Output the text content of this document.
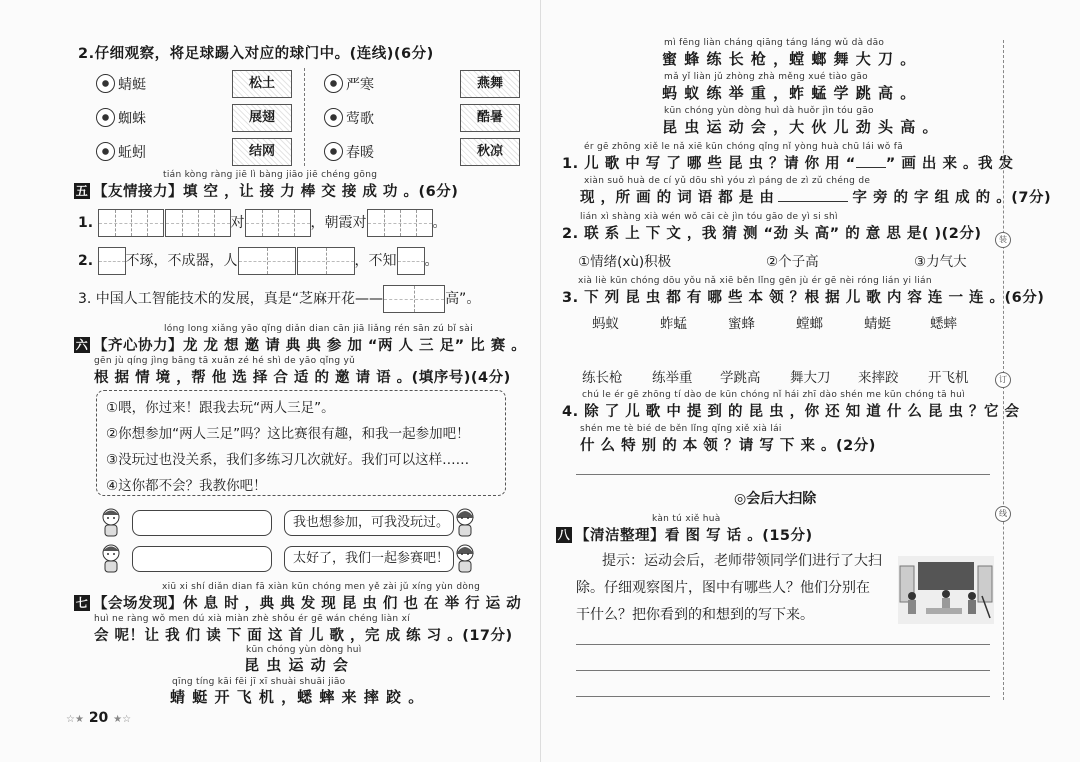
2.仔细观察，将足球踢入对应的球门中。(连线)(6分)
蜻蜓
蜘蛛
蚯蚓
松土
展翅
结网
严寒
莺歌
春暖
燕舞
酷暑
秋凉
tián kòng ràng jiē lì bàng jiāo jiē chéng gōng
五 【友情接力】填 空 ，让 接 力 棒 交 接 成 功 。(6分)
1.	对	，朝霞对	。
2. 不琢，不成器，人	，不知 。
3. 中国人工智能技术的发展，真是“芝麻开花——	高”。
lóng long xiǎng yāo qǐng diǎn dian cān jiā liǎng rén sān zú bǐ sài
六 【齐心协力】龙 龙 想 邀 请 典 典 参 加 “两 人 三 足” 比 赛 。
gēn jù qíng jìng bāng tā xuǎn zé hé shì de yāo qǐng yǔ
根 据 情 境 ，帮 他 选 择 合 适 的 邀 请 语 。(填序号)(4分)
①喂，你过来！跟我去玩“两人三足”。
②你想参加“两人三足”吗？这比赛很有趣，和我一起参加吧！
③没玩过也没关系，我们多练习几次就好。我们可以这样……
④这你都不会？我教你吧！
我也想参加，可我没玩过。
太好了，我们一起参赛吧！
xiū xi shí diǎn dian fā xiàn kūn chóng men yě zài jǔ xíng yùn dòng
七 【会场发现】休 息 时 ，典 典 发 现 昆 虫 们 也 在 举 行 运 动
huì ne ràng wǒ men dú xià miàn zhè shǒu ér gē wán chéng liàn xí
会 呢！让 我 们 读 下 面 这 首 儿 歌 ，完 成 练 习 。(17分)
kūn chóng yùn dòng huì
昆 虫 运 动 会
qīng tíng kāi fēi jī xī shuài shuāi jiāo
蜻 蜓 开 飞 机 ，蟋 蟀 来 摔 跤 。
☆★ 20 ★☆
mì fēng liàn cháng qiāng táng láng wǔ dà dāo
蜜 蜂 练 长 枪 ，螳 螂 舞 大 刀 。
mǎ yǐ liàn jǔ zhòng zhà měng xué tiào gāo
蚂 蚁 练 举 重 ，蚱 蜢 学 跳 高 。
kūn chóng yùn dòng huì dà huǒr jìn tóu gāo
昆 虫 运 动 会 ，大 伙 儿 劲 头 高 。
ér gē zhōng xiě le nǎ xiē kūn chóng qǐng nǐ yòng huà chū lái wǒ fā
1. 儿 歌 中 写 了 哪 些 昆 虫 ？请 你 用 “ ” 画 出 来 。我 发
xiàn suǒ huà de cí yǔ dōu shì yóu zì páng de zì zǔ chéng de
现 ，所 画 的 词 语 都 是 由	字 旁 的 字 组 成 的 。(7分)
lián xì shàng xià wén wǒ cāi cè jìn tóu gāo de yì si shì
2. 联 系 上 下 文 ，我 猜 测 “劲 头 高” 的 意 思 是( )(2分)
①情绪(xù)积极	②个子高	③力气大
xià liè kūn chóng dōu yǒu nǎ xiē běn lǐng gēn jù ér gē nèi róng lián yi lián
3. 下 列 昆 虫 都 有 哪 些 本 领 ？根 据 儿 歌 内 容 连 一 连 。(6分)
蚂蚁	蚱蜢	蜜蜂	螳螂	蜻蜓	蟋蟀
练长枪 练举重 学跳高 舞大刀 来摔跤 开飞机
chú le ér gē zhōng tí dào de kūn chóng nǐ hái zhī dào shén me kūn chóng tā huì
4. 除 了 儿 歌 中 提 到 的 昆 虫 ，你 还 知 道 什 么 昆 虫 ？它 会
shén me tè bié de běn lǐng qǐng xiě xià lái
什 么 特 别 的 本 领 ？请 写 下 来 。(2分)
◎会后大扫除
kàn tú xiě huà
八 【清洁整理】看 图 写 话 。(15分)
提示：运动会后，老师带领同学们进行了大扫
除。仔细观察图片，图中有哪些人？他们分别在
干什么？把你看到的和想到的写下来。
装
订
线
